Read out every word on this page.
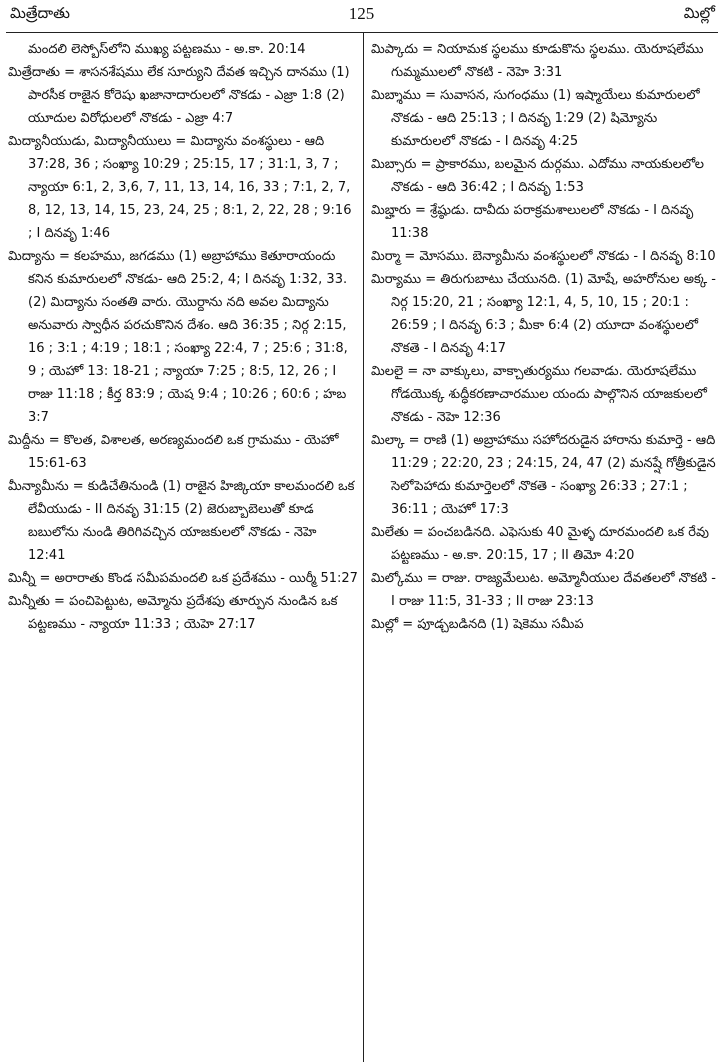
మిత్రేదాతు	125	మిల్లో

మందలి లెస్బోస్‌లోని ముఖ్య పట్టణము - అ.కా. 20:14

మిత్రేదాతు = శాసనశేషము లేక సూర్యుని దేవత ఇచ్చిన దానము (1) పారసీక రాజైన కోరెషు ఖజానాదారులలో నొకడు - ఎజ్రా 1:8 (2) యూదుల విరోధులలో నొకడు - ఎజ్రా 4:7

మిద్యానీయుడు, మిద్యానీయులు = మిద్యాను వంశస్థులు - ఆది 37:28, 36 ; సంఖ్యా 10:29 ; 25:15, 17 ; 31:1, 3, 7 ; న్యాయా 6:1, 2, 3,6, 7, 11, 13, 14, 16, 33 ; 7:1, 2, 7, 8, 12, 13, 14, 15, 23, 24, 25 ; 8:1, 2, 22, 28 ; 9:16 ; I దినవృ 1:46

మిద్యాను = కలహము, జగడము (1) అబ్రాహాము కెతూరాయందు కనిన కుమారులలో నొకడు- ఆది 25:2, 4; I దినవృ 1:32, 33. (2) మిద్యాను సంతతి వారు. యొర్దాను నది అవల మిద్యాను అనువారు స్వాధీన పరచుకొనిన దేశం. ఆది 36:35 ; నిర్గ 2:15, 16 ; 3:1 ; 4:19 ; 18:1 ; సంఖ్యా 22:4, 7 ; 25:6 ; 31:8, 9 ; యెహో 13: 18-21 ; న్యాయా 7:25 ; 8:5, 12, 26 ; I రాజు 11:18 ; కీర్త 83:9 ; యెష 9:4 ; 10:26 ; 60:6 ; హబ 3:7

మిద్దీను = కొలత, విశాలత, అరణ్యమందలి ఒక గ్రామము - యెహో 15:61-63

మీన్యామీను = కుడిచేతినుండి (1) రాజైన హిజ్కియా కాలమందలి ఒక లేవీయుడు - II దినవృ 31:15 (2) జెరుబ్బాబెలుతో కూడ బబులోను నుండి తిరిగివచ్చిన యాజకులలో నొకడు - నెహె 12:41

మిన్నీ = అరారాతు కొండ సమీపమందలి ఒక ప్రదేశము - యిర్మీ 51:27

మిన్నీతు = పంచిపెట్టుట, అమ్మోను ప్రదేశపు తూర్పున నుండిన ఒక పట్టణము - న్యాయా 11:33 ; యెహె 27:17

మిప్కాదు = నియామక స్థలము కూడుకొను స్థలము. యెరూషలేము గుమ్మములలో నొకటి - నెహె 3:31

మిబ్శాము = సువాసన, సుగంధము (1) ఇష్మాయేలు కుమారులలో నొకడు - ఆది 25:13 ; I దినవృ 1:29 (2) షిమ్యోను కుమారులలో నొకడు - I దినవృ 4:25

మిబ్సారు = ప్రాకారము, బలమైన దుర్గము. ఎదోము నాయకులలోల నొకడు - ఆది 36:42 ; I దినవృ 1:53

మిబ్హారు = శ్రేష్ఠుడు. దావీదు పరాక్రమశాలులలో నొకడు - I దినవృ 11:38

మిర్మా = మోసము. బెన్యామీను వంశస్థులలో నొకడు - I దినవృ 8:10

మిర్యాము = తిరుగుబాటు చేయునది. (1) మోషే, అహరోనుల అక్క - నిర్గ 15:20, 21 ; సంఖ్యా 12:1, 4, 5, 10, 15 ; 20:1 : 26:59 ; I దినవృ 6:3 ; మీకా 6:4 (2) యూదా వంశస్థులలో నొకతె - I దినవృ 4:17

మిలలై = నా వాక్కులు, వాక్చాతుర్యము గలవాడు. యెరూషలేము గోడయొక్క శుద్ధీకరణాచారముల యందు పాల్గొనిన యాజకులలో నొకడు - నెహె 12:36

మిల్కా = రాణి (1) అబ్రాహాము సహోదరుడైన హారాను కుమార్తె - ఆది 11:29 ; 22:20, 23 ; 24:15, 24, 47 (2) మనష్షే గోత్రీకుడైన సెలోపెహాదు కుమార్తెలలో నొకతె - సంఖ్యా 26:33 ; 27:1 ; 36:11 ; యెహో 17:3

మిలేతు = పంచబడినది. ఎఫెసుకు 40 మైళ్ళ దూరమందలి ఒక రేవు పట్టణము - అ.కా. 20:15, 17 ; II తిమో 4:20

మిల్కోము = రాజు. రాజ్యమేలుట. అమ్మోనీయుల దేవతలలో నొకటి - I రాజు 11:5, 31-33 ; II రాజు 23:13

మిల్లో = పూడ్చబడినది (1) షెకెము సమీప
